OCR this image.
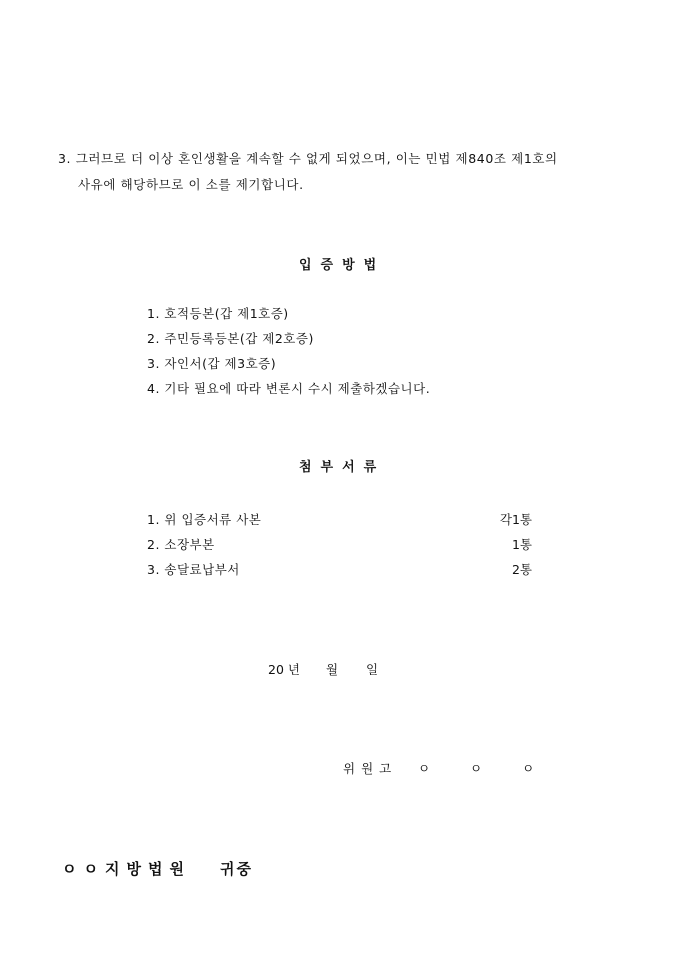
3. 그러므로 더 이상 혼인생활을 계속할 수 없게 되었으며, 이는 민법 제840조 제1호의
사유에 해당하므로 이 소를 제기합니다.
입증방법
1. 호적등본(갑 제1호증)
2. 주민등록등본(갑 제2호증)
3. 자인서(갑 제3호증)
4. 기타 필요에 따라 변론시 수시 제출하겠습니다.
첨부서류
1. 위 입증서류 사본	각1통
2. 소장부본	1통
3. 송달료납부서	2통
20 년 월 일
위원고 ㅇ ㅇ ㅇ
ㅇㅇ지방법원 귀중
